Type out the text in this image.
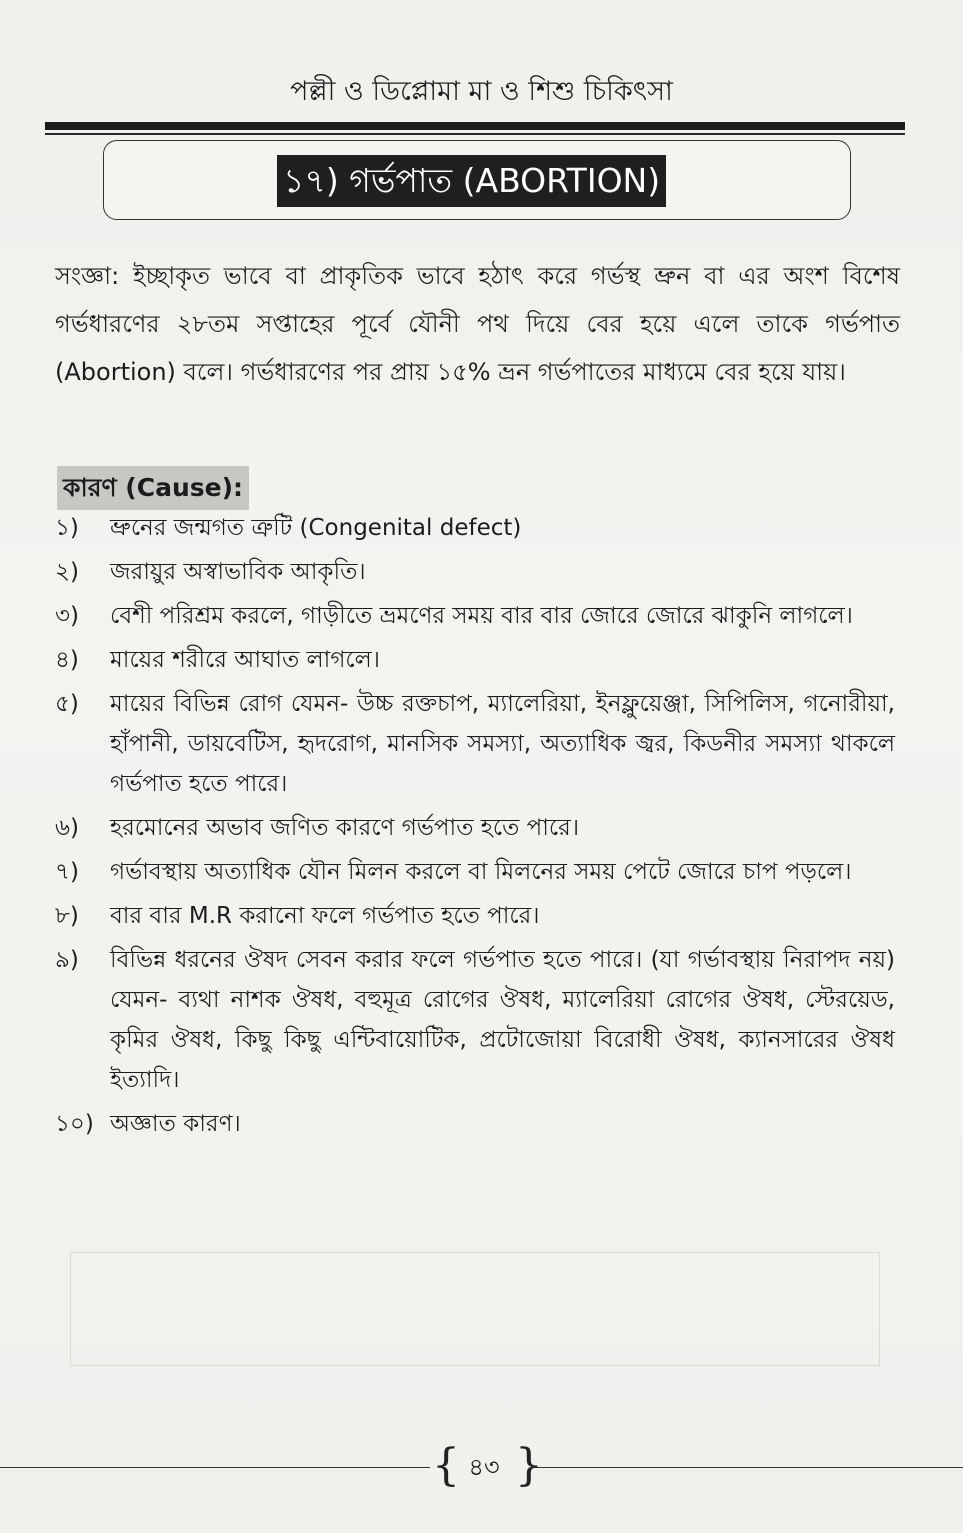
পল্লী ও ডিপ্লোমা মা ও শিশু চিকিৎসা
১৭) গর্ভপাত (ABORTION)

সংজ্ঞা: ইচ্ছাকৃত ভাবে বা প্রাকৃতিক ভাবে হঠাৎ করে গর্ভস্থ ভ্রুন বা এর অংশ বিশেষ গর্ভধারণের ২৮তম সপ্তাহের পূর্বে যৌনী পথ দিয়ে বের হয়ে এলে তাকে গর্ভপাত (Abortion) বলে। গর্ভধারণের পর প্রায় ১৫% ভ্রন গর্ভপাতের মাধ্যমে বের হয়ে যায়।

কারণ (Cause):
১) ভ্রুনের জন্মগত ত্রুটি (Congenital defect)
২) জরায়ুর অস্বাভাবিক আকৃতি।
৩) বেশী পরিশ্রম করলে, গাড়ীতে ভ্রমণের সময় বার বার জোরে জোরে ঝাকুনি লাগলে।
৪) মায়ের শরীরে আঘাত লাগলে।
৫) মায়ের বিভিন্ন রোগ যেমন- উচ্চ রক্তচাপ, ম্যালেরিয়া, ইনফ্লুয়েঞ্জা, সিপিলিস, গনোরীয়া, হাঁপানী, ডায়বেটিস, হৃদরোগ, মানসিক সমস্যা, অত্যাধিক জ্বর, কিডনীর সমস্যা থাকলে গর্ভপাত হতে পারে।
৬) হরমোনের অভাব জণিত কারণে গর্ভপাত হতে পারে।
৭) গর্ভাবস্থায় অত্যাধিক যৌন মিলন করলে বা মিলনের সময় পেটে জোরে চাপ পড়লে।
৮) বার বার M.R করানো ফলে গর্ভপাত হতে পারে।
৯) বিভিন্ন ধরনের ঔষদ সেবন করার ফলে গর্ভপাত হতে পারে। (যা গর্ভাবস্থায় নিরাপদ নয়) যেমন- ব্যথা নাশক ঔষধ, বহুমূত্র রোগের ঔষধ, ম্যালেরিয়া রোগের ঔষধ, স্টেরয়েড, কৃমির ঔষধ, কিছু কিছু এন্টিবায়োটিক, প্রটোজোয়া বিরোধী ঔষধ, ক্যানসারের ঔষধ ইত্যাদি।
১০) অজ্ঞাত কারণ।
{ }
৪৩
